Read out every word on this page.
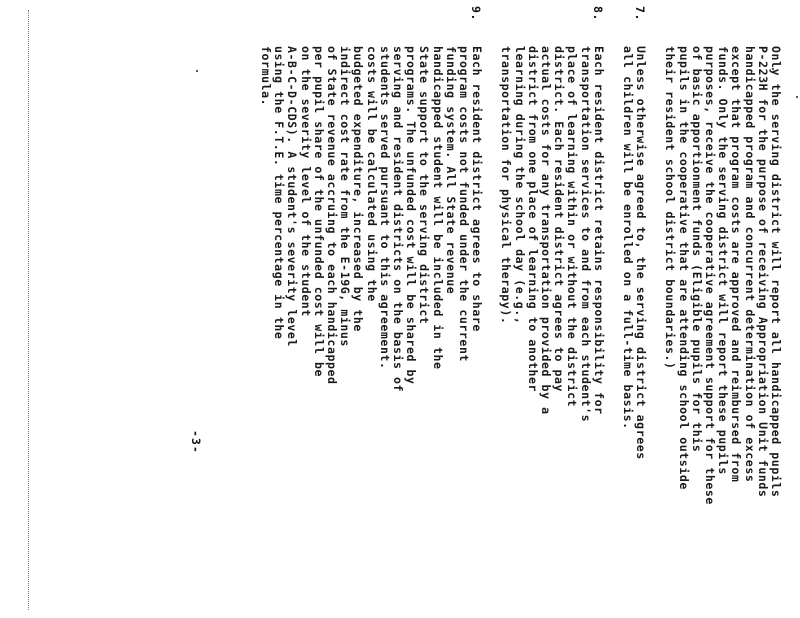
Only the serving district will report all handicapped pupils
P-223H for the purpose of receiving Appropriation Unit funds
handicapped program and concurrent determination of excess
except that program costs are approved and reimbursed from
funds. Only the serving district will report these pupils
purposes, receive the cooperative agreement support for these
of basic apportionment funds (Eligible pupils for this
pupils in the cooperative that are attending school outside
their resident school district boundaries.)
7.
Unless otherwise agreed to, the serving district agrees
all children will be enrolled on a full-time basis.
8.
Each resident district retains responsibility for
transportation services to and from each student's
place of learning within or without the district
district. Each resident district agrees to pay
actual costs for any transportation provided by a
district from one place of learning to another
learning during the school day (e.g.,
transportation for physical therapy).
9.
Each resident district agrees to share
program costs not funded under the current
funding system. All State revenue
handicapped student will be included in the
State support to the serving district
programs. The unfunded cost will be shared by
serving and resident districts on the basis of
students served pursuant to this agreement.
costs will be calculated using the
budgeted expenditure, increased by the
indirect cost rate from the E-19G, minus
of State revenue accruing to each handicapped
per pupil share of the unfunded cost will be
on the severity level of the student
A-B-C-D-CDS). A student's severity level
using the F.T.E. time percentage in the
formula.
-3-
